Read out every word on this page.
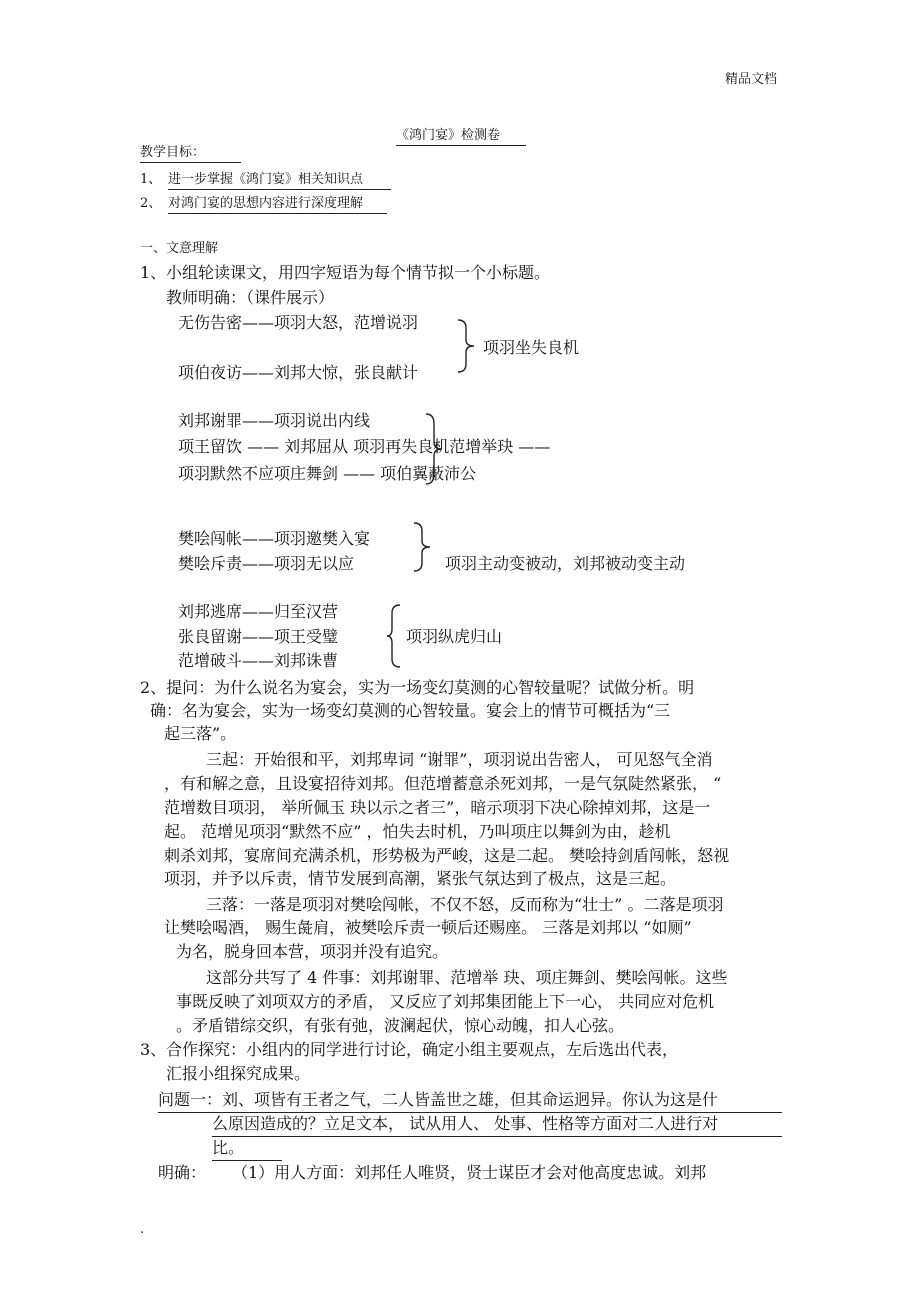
精品文档
《鸿门宴》检测卷
教学目标：
1、 进一步掌握《鸿门宴》相关知识点
2、 对鸿门宴的思想内容进行深度理解
一、文意理解
1、 小组轮读课文，用四字短语为每个情节拟一个小标题。
教师明确：（课件展示）
无伤告密——项羽大怒，范增说羽
项伯夜访——刘邦大惊，张良献计
项羽坐失良机
刘邦谢罪——项羽说出内线
项王留饮 —— 刘邦屈从 项羽再失良机范增举玦 ——
项羽默然不应项庄舞剑 —— 项伯翼蔽沛公
樊哙闯帐——项羽邀樊入宴
樊哙斥责——项羽无以应	项羽主动变被动，刘邦被动变主动
刘邦逃席——归至汉营
张良留谢——项王受璧
范增破斗——刘邦诛曹
项羽纵虎归山
2、提问：为什么说名为宴会，实为一场变幻莫测的心智较量呢？试做分析。明
确：名为宴会，实为一场变幻莫测的心智较量。宴会上的情节可概括为“三
起三落”。
三起：开始很和平，刘邦卑词 “谢罪”，项羽说出告密人， 可见怒气全消
，有和解之意，且设宴招待刘邦。但范增蓄意杀死刘邦，一是气氛陡然紧张， “
范增数目项羽， 举所佩玉 玦以示之者三”，暗示项羽下决心除掉刘邦，这是一
起。 范增见项羽“默然不应” ，怕失去时机，乃叫项庄以舞剑为由，趁机
刺杀刘邦，宴席间充满杀机，形势极为严峻，这是二起。 樊哙持剑盾闯帐，怒视
项羽，并予以斥责，情节发展到高潮，紧张气氛达到了极点，这是三起。
三落：一落是项羽对樊哙闯帐，不仅不怒，反而称为“壮士” 。二落是项羽
让樊哙喝酒， 赐生彘肩，被樊哙斥责一顿后还赐座。 三落是刘邦以 “如厕”
为名，脱身回本营，项羽并没有追究。
这部分共写了 4 件事：刘邦谢罪、范增举 玦、项庄舞剑、樊哙闯帐。这些
事既反映了刘项双方的矛盾， 又反应了刘邦集团能上下一心， 共同应对危机
。矛盾错综交织，有张有弛，波澜起伏，惊心动魄，扣人心弦。
3、 合作探究：小组内的同学进行讨论，确定小组主要观点，左后选出代表，
汇报小组探究成果。
问题一：刘、项皆有王者之气，二人皆盖世之雄，但其命运迥异。你认为这是什
么原因造成的？立足文本， 试从用人、 处事、性格等方面对二人进行对
比。
明确： （1）用人方面：刘邦任人唯贤，贤士谋臣才会对他高度忠诚。刘邦
.
